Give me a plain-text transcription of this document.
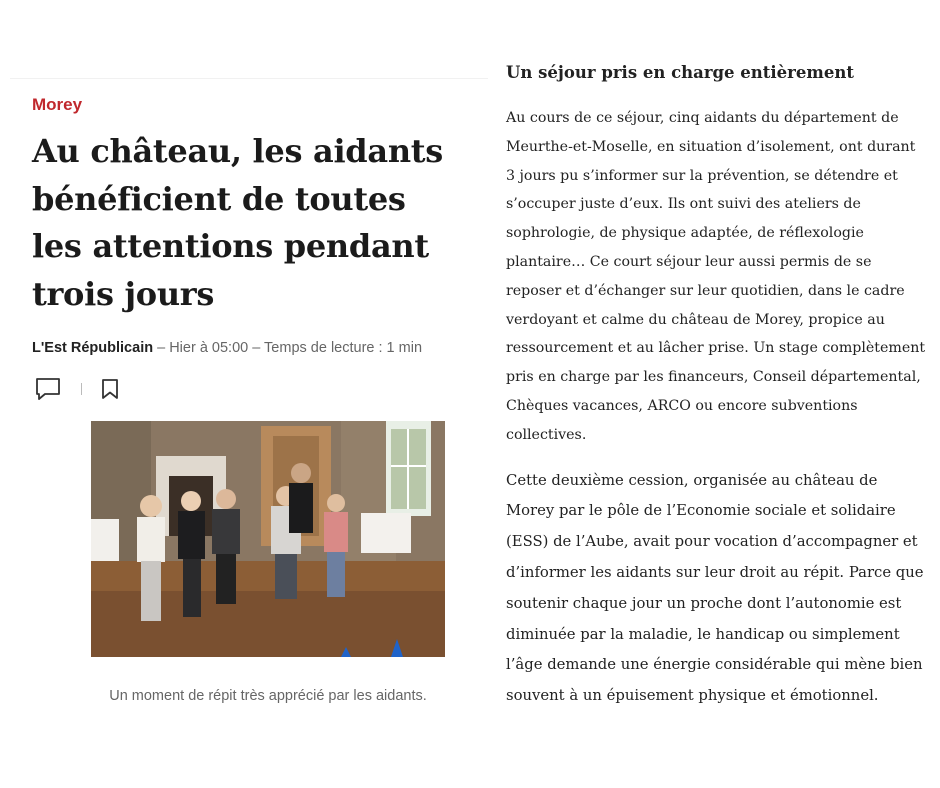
Morey

Au château, les aidants bénéficient de toutes les attentions pendant trois jours
L'Est Républicain – Hier à 05:00 – Temps de lecture : 1 min
Un moment de répit très apprécié par les aidants.
Un séjour pris en charge entièrement

Au cours de ce séjour, cinq aidants du département de Meurthe-et-Moselle, en situation d’isolement, ont durant 3 jours pu s’informer sur la prévention, se détendre et s’occuper juste d’eux. Ils ont suivi des ateliers de sophrologie, de physique adaptée, de réflexologie plantaire… Ce court séjour leur aussi permis de se reposer et d’échanger sur leur quotidien, dans le cadre verdoyant et calme du château de Morey, propice au ressourcement et au lâcher prise. Un stage complètement pris en charge par les financeurs, Conseil départemental, Chèques vacances, ARCO ou encore subventions collectives.

Cette deuxième cession, organisée au château de Morey par le pôle de l’Economie sociale et solidaire (ESS) de l’Aube, avait pour vocation d’accompagner et d’informer les aidants sur leur droit au répit. Parce que soutenir chaque jour un proche dont l’autonomie est diminuée par la maladie, le handicap ou simplement l’âge demande une énergie considérable qui mène bien souvent à un épuisement physique et émotionnel.
